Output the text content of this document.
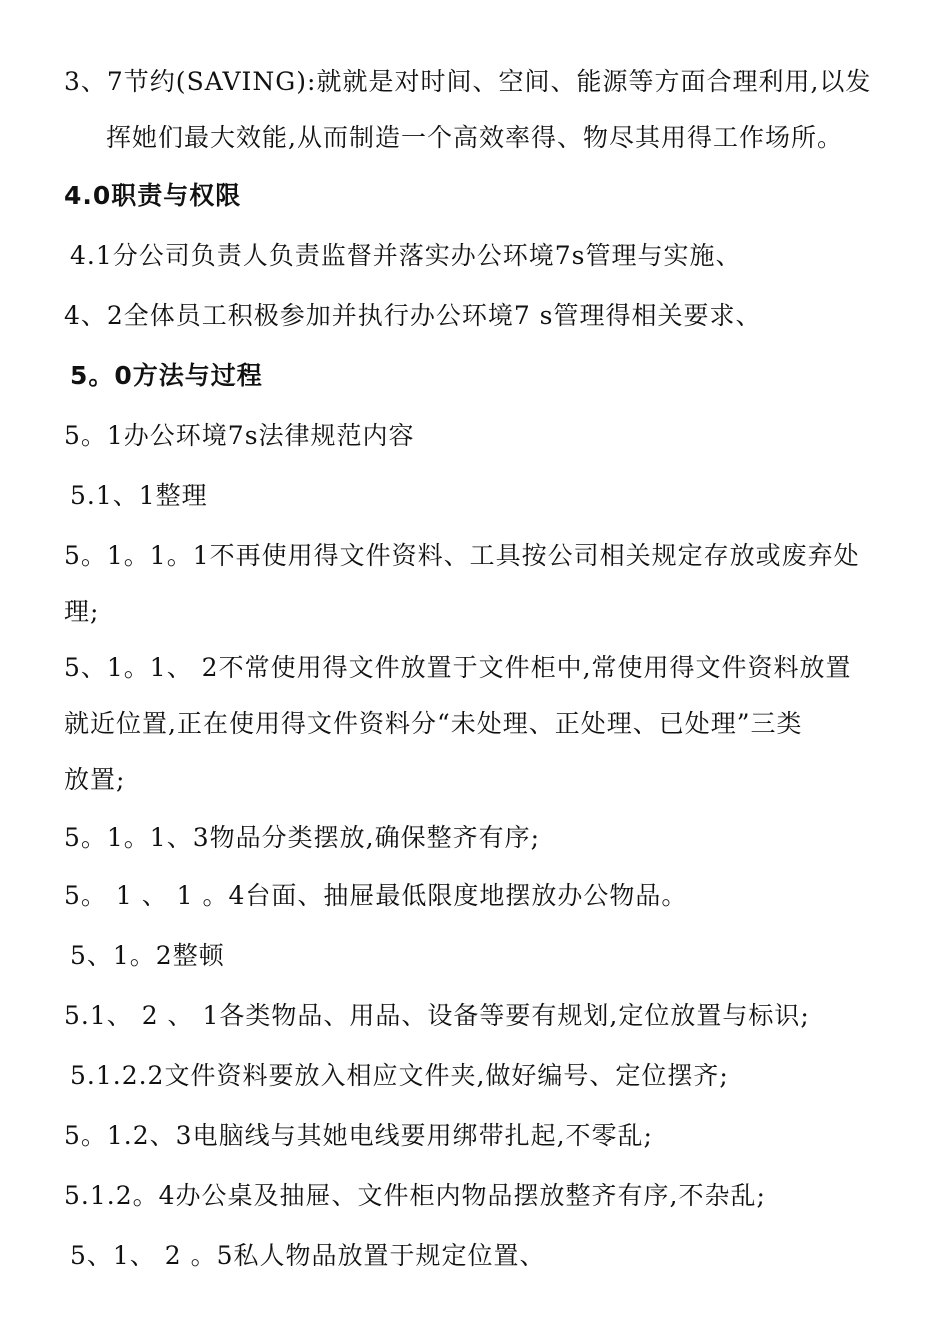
3、7节约(SAVING):就就是对时间、空间、能源等方面合理利用,以发
挥她们最大效能,从而制造一个高效率得、物尽其用得工作场所。
4.0职责与权限
4.1分公司负责人负责监督并落实办公环境7s管理与实施、
4、2全体员工积极参加并执行办公环境7 s管理得相关要求、
5。0方法与过程
5。1办公环境7s法律规范内容
5.1、1整理
5。1。1。1不再使用得文件资料、工具按公司相关规定存放或废弃处
理;
5、1。1、 2不常使用得文件放置于文件柜中,常使用得文件资料放置
就近位置,正在使用得文件资料分“未处理、正处理、已处理”三类
放置;
5。1。1、3物品分类摆放,确保整齐有序;
5。 1 、 1 。4台面、抽屉最低限度地摆放办公物品。
5、1。2整顿
5.1、 2 、 1各类物品、用品、设备等要有规划,定位放置与标识;
5.1.2.2文件资料要放入相应文件夹,做好编号、定位摆齐;
5。1.2、3电脑线与其她电线要用绑带扎起,不零乱;
5.1.2。4办公桌及抽屉、文件柜内物品摆放整齐有序,不杂乱;
5、1、 2 。5私人物品放置于规定位置、
